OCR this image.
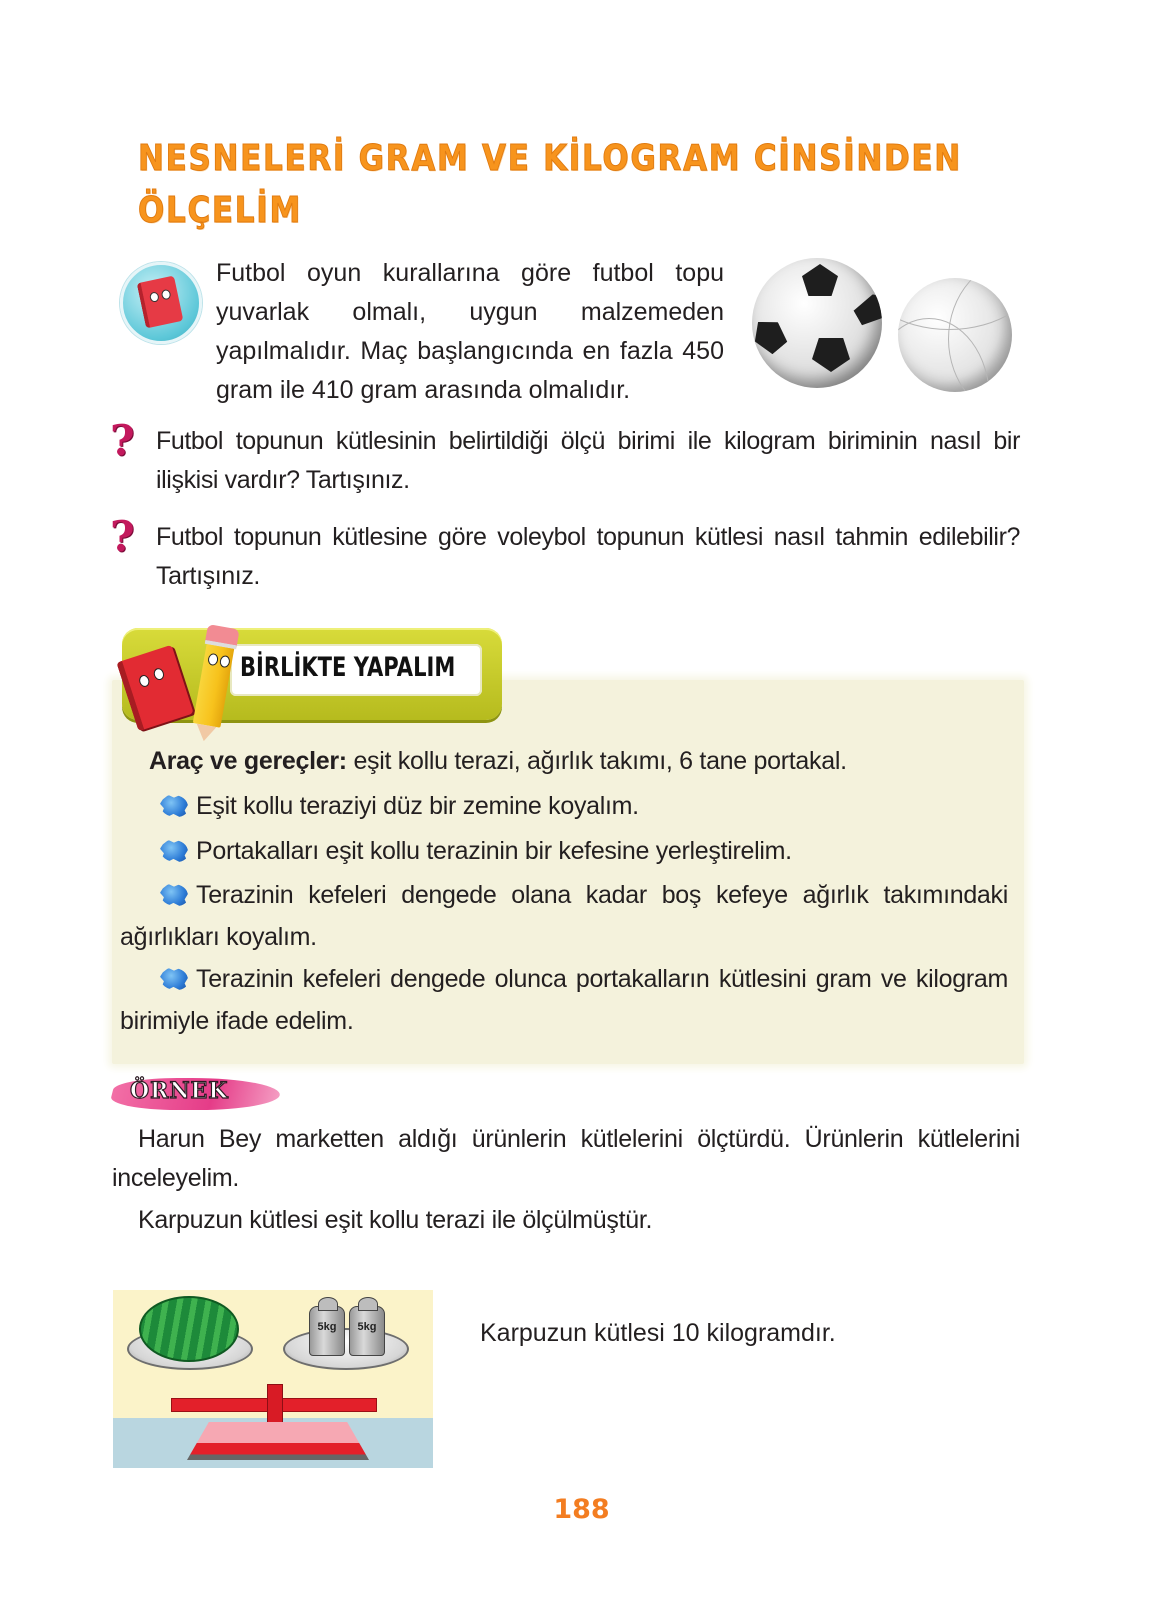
NESNELERİ GRAM VE KİLOGRAM CİNSİNDEN
ÖLÇELİM
Futbol oyun kurallarına göre futbol topu yuvarlak olmalı, uygun malzemeden yapılmalıdır. Maç başlangıcında en fazla 450 gram ile 410 gram arasında olmalıdır.
? Futbol topunun kütlesinin belirtildiği ölçü birimi ile kilogram biriminin nasıl bir ilişkisi vardır? Tartışınız.
? Futbol topunun kütlesine göre voleybol topunun kütlesi nasıl tahmin edilebilir? Tartışınız.
BİRLİKTE YAPALIM
Araç ve gereçler: eşit kollu terazi, ağırlık takımı, 6 tane portakal.
Eşit kollu teraziyi düz bir zemine koyalım.
Portakalları eşit kollu terazinin bir kefesine yerleştirelim.
Terazinin kefeleri dengede olana kadar boş kefeye ağırlık takımındaki ağırlıkları koyalım.
Terazinin kefeleri dengede olunca portakalların kütlesini gram ve kilogram birimiyle ifade edelim.
ÖRNEK
Harun Bey marketten aldığı ürünlerin kütlelerini ölçtürdü. Ürünlerin kütlelerini inceleyelim.
Karpuzun kütlesi eşit kollu terazi ile ölçülmüştür.
5kg	5kg	Karpuzun kütlesi 10 kilogramdır.
188
